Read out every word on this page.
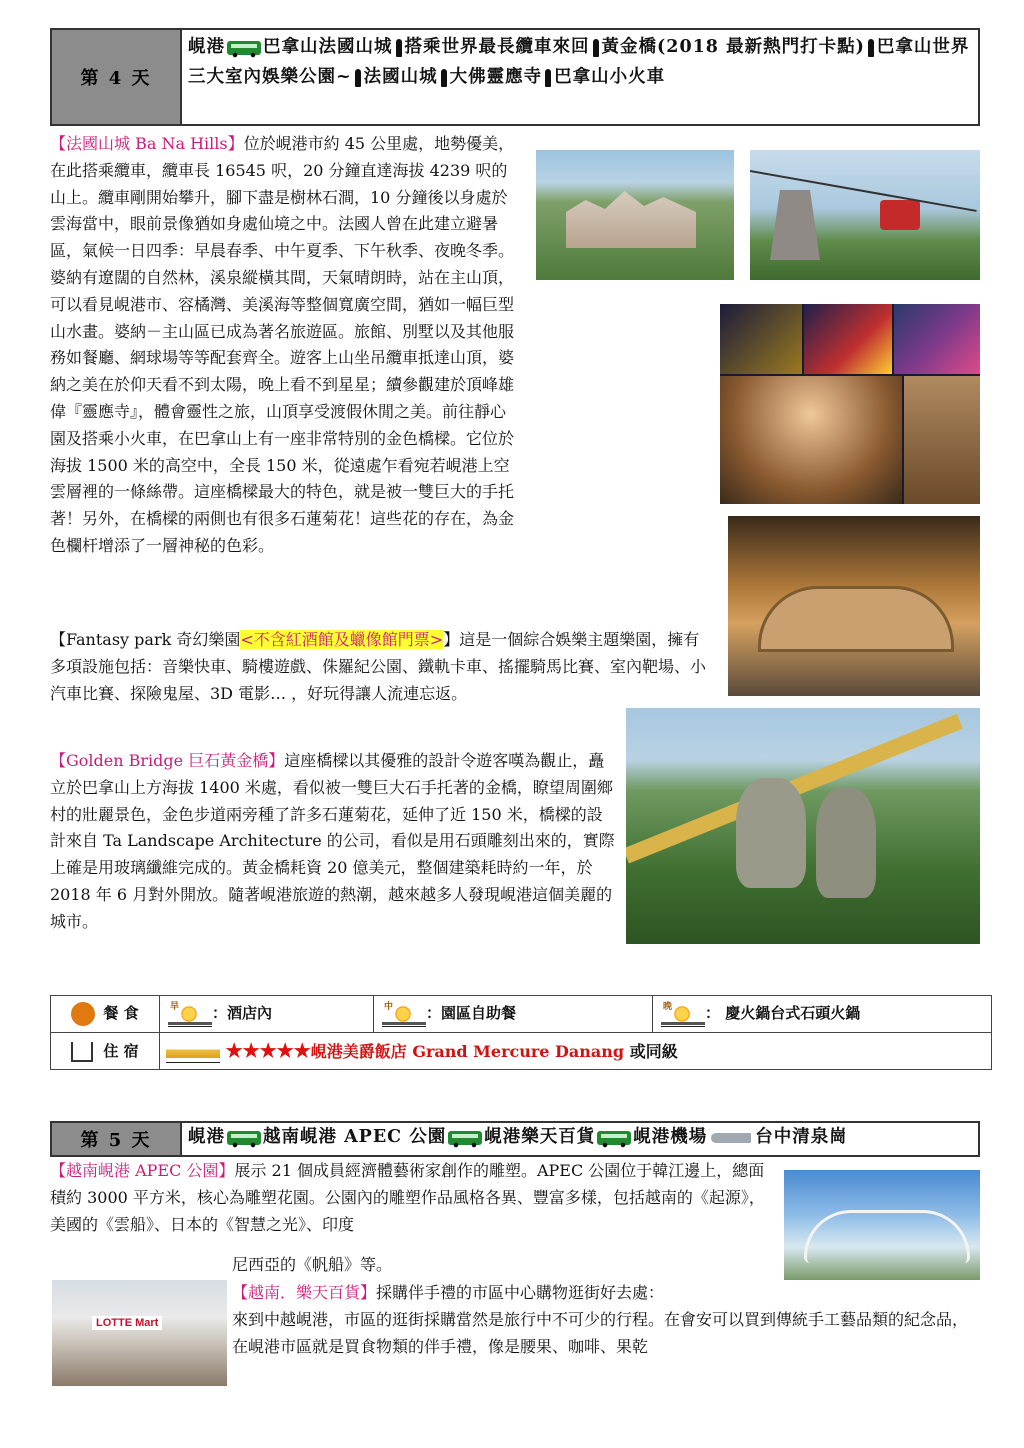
第 4 天
峴港 巴拿山法國山城 搭乘世界最長纜車來回 黃金橋(2018 最新熱門打卡點) 巴拿山世界三大室內娛樂公園~ 法國山城 大佛靈應寺 巴拿山小火車
【法國山城 Ba Na Hills】位於峴港市約 45 公里處，地勢優美，在此搭乘纜車，纜車長 16545 呎，20 分鐘直達海拔 4239 呎的山上。纜車剛開始攀升，腳下盡是樹林石澗，10 分鐘後以身處於雲海當中，眼前景像猶如身處仙境之中。法國人曾在此建立避暑區，氣候一日四季：早晨春季、中午夏季、下午秋季、夜晚冬季。婆納有遼闊的自然林，溪泉縱橫其間，天氣晴朗時，站在主山頂，可以看見峴港市、容橘灣、美溪海等整個寬廣空間，猶如一幅巨型山水畫。婆納－主山區已成為著名旅遊區。旅館、別墅以及其他服務如餐廳、網球場等等配套齊全。遊客上山坐吊纜車抵達山頂，婆納之美在於仰天看不到太陽，晚上看不到星星；續參觀建於頂峰雄偉『靈應寺』，體會靈性之旅，山頂享受渡假休閒之美。前往靜心園及搭乘小火車，在巴拿山上有一座非常特別的金色橋樑。它位於海拔 1500 米的高空中，全長 150 米，從遠處乍看宛若峴港上空雲層裡的一條絲帶。這座橋樑最大的特色，就是被一雙巨大的手托著！另外，在橋樑的兩側也有很多石蓮菊花！這些花的存在，為金色欄杆增添了一層神秘的色彩。
【Fantasy park 奇幻樂園<不含紅酒館及蠟像館門票>】這是一個綜合娛樂主題樂園，擁有多項設施包括：音樂快車、騎樓遊戲、侏羅紀公園、鐵軌卡車、搖擺騎馬比賽、室內靶場、小汽車比賽、探險鬼屋、3D 電影… ，好玩得讓人流連忘返。
【Golden Bridge 巨石黃金橋】這座橋樑以其優雅的設計令遊客嘆為觀止，矗立於巴拿山上方海拔 1400 米處，看似被一雙巨大石手托著的金橋，瞭望周圍鄉村的壯麗景色，金色步道兩旁種了許多石蓮菊花，延伸了近 150 米，橋樑的設計來自 Ta Landscape Architecture 的公司，看似是用石頭雕刻出來的，實際上確是用玻璃纖維完成的。黃金橋耗資 20 億美元，整個建築耗時約一年，於 2018 年 6 月對外開放。隨著峴港旅遊的熱潮，越來越多人發現峴港這個美麗的城市。
餐 食	早 ：酒店內	中 ：園區自助餐	晚 ： 慶火鍋台式石頭火鍋
住 宿	★★★★★峴港美爵飯店 Grand Mercure Danang 或同級		
第 5 天	峴港 越南峴港 APEC 公園 峴港樂天百貨 峴港機場	台中清泉崗
【越南峴港 APEC 公園】展示 21 個成員經濟體藝術家創作的雕塑。APEC 公園位于韓江邊上，總面積約 3000 平方米，核心為雕塑花園。公園內的雕塑作品風格各異、豐富多樣，包括越南的《起源》，美國的《雲船》、日本的《智慧之光》、印度
尼西亞的《帆船》等。
LOTTE Mart
【越南．樂天百貨】採購伴手禮的市區中心購物逛街好去處：
來到中越峴港，市區的逛街採購當然是旅行中不可少的行程。在會安可以買到傳統手工藝品類的紀念品，在峴港市區就是買食物類的伴手禮，像是腰果、咖啡、果乾
